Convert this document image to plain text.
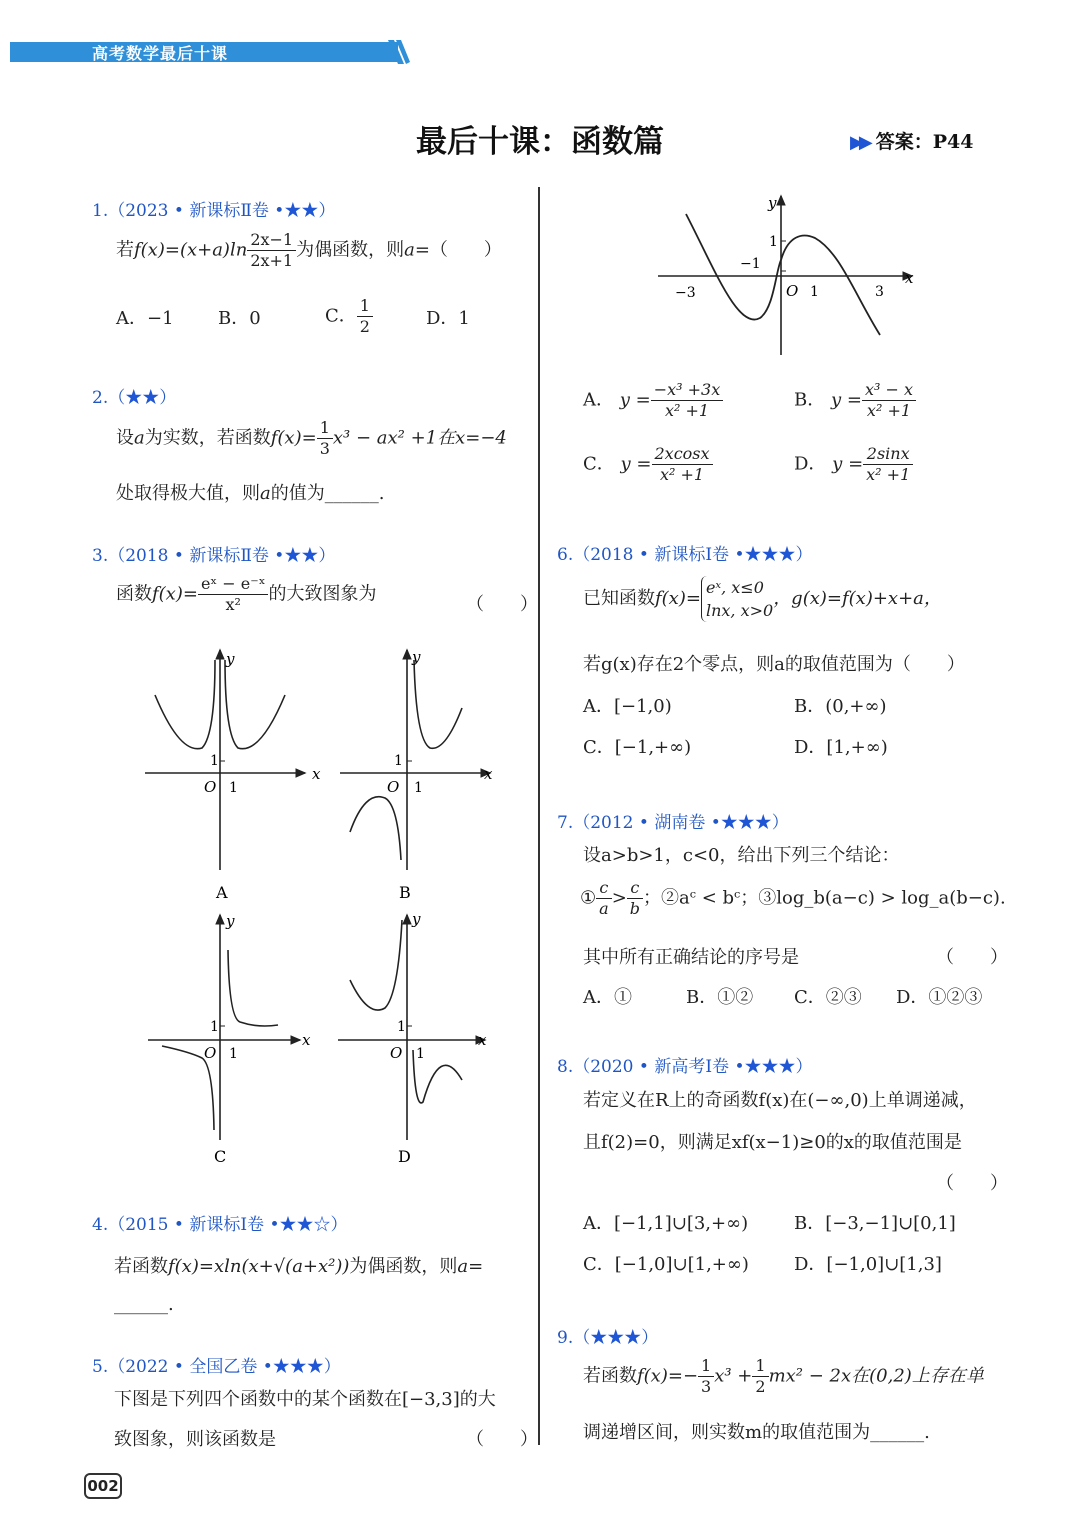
高考数学最后十课
最后十课：函数篇	▶▶ 答案：P44
1.（2023 • 新课标Ⅱ卷 •★★）
若$f(x)=(x+a)\ln \frac{2x-1}{2x+1}$ 为偶函数，则a=（　　）
A．−1 B．0	C． $\frac{1}{2}$	D．1
2.（★★）
设a为实数，若函数$f(x)= \frac{1}{3} x^3 - ax^2 +1$在x=−4
处取得极大值，则a的值为______.
3.（2018 • 新课标Ⅱ卷 •★★）
函数$f(x)= \frac{\text{eˣ − e⁻ˣ}}{\text{x²}}$ 的大致图象为	（　　）
y
x
O 1
1
A
y
x
O 1
1
B
y
x
O 1
1
C
y
x
O 1
1
D
4.（2015 • 新课标Ⅰ卷 •★★☆）
若函数f(x)=xln(x+√(a+x²))为偶函数，则a=
______.
5.（2022 • 全国乙卷 •★★★）
下图是下列四个函数中的某个函数在[−3,3]的大
致图象，则该函数是	（　　）
y
x
O 1	3
−3
1
−1
A． $y = \frac{\text{−x³ +3x}}{\text{x² +1}}$	B． $y = \frac{\text{x³ − x}}{\text{x² +1}}$
C． $y = \frac{2xcosx}{\text{x² +1}}$	D． $y = \frac{2\sin x}{\text{x² +1}}$
6.（2018 • 新课标Ⅰ卷 •★★★）
已知函数f(x)=
eˣ, x≤0
lnx, x>0
，g(x)=f(x)+x+a，
若g(x)存在2个零点，则a的取值范围为（　　）
A．[−1,0)	B．(0,+∞)
C．[−1,+∞)	D．[1,+∞)
7.（2012 • 湖南卷 •★★★）
设a>b>1，c<0，给出下列三个结论：
① $\frac{c}{a} > \frac{c}{b}$ ；②aᶜ < bᶜ；③log_b(a−c) > log_a(b−c).
其中所有正确结论的序号是	（　　）
A．①	B．①② C．②③ D．①②③
8.（2020 • 新高考Ⅰ卷 •★★★）
若定义在R上的奇函数f(x)在(−∞,0)上单调递减，
且f(2)=0，则满足xf(x−1)≥0的x的取值范围是
（　　）
A．[−1,1]∪[3,+∞)	B．[−3,−1]∪[0,1]
C．[−1,0]∪[1,+∞)	D．[−1,0]∪[1,3]
9.（★★★）
若函数$f(x)=- \frac{1}{3} x^3 + \frac{1}{2} mx^2 - 2x$在(0,2)上存在单
调递增区间，则实数m的取值范围为______.
002
